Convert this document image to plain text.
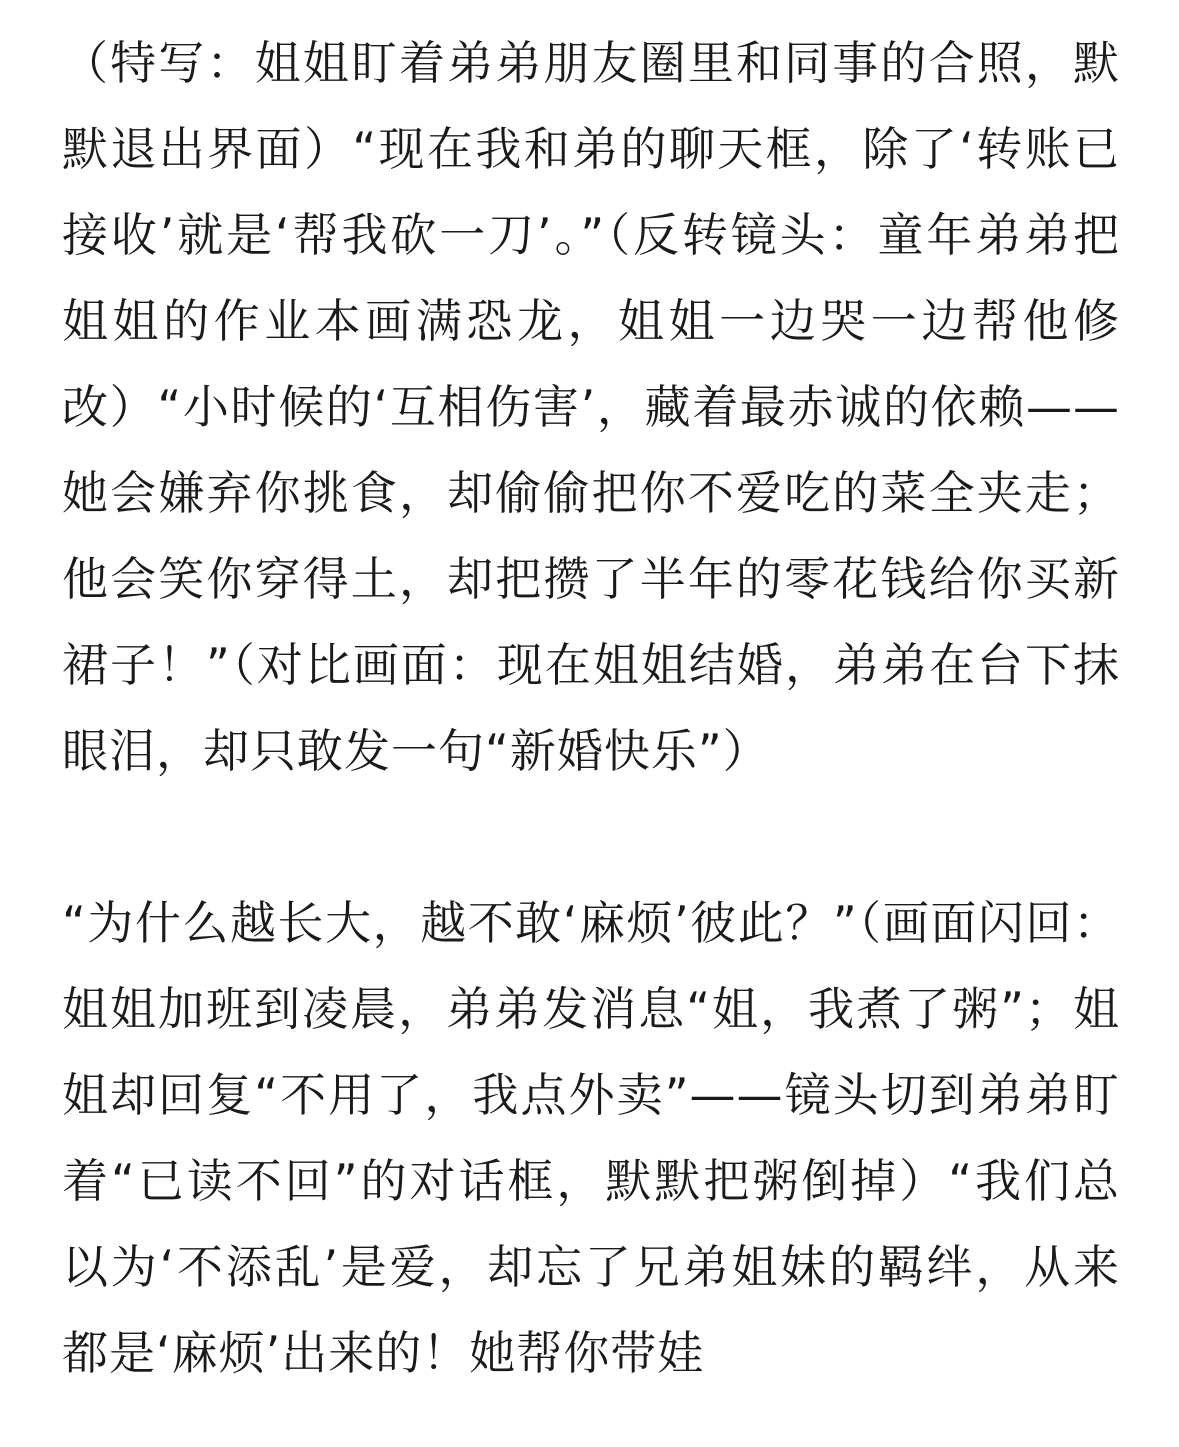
（特写：姐姐盯着弟弟朋友圈里和同事的合照，默默退出界面）“现在我和弟的聊天框，除了‘转账已接收’就是‘帮我砍一刀’。”（反转镜头：童年弟弟把姐姐的作业本画满恐龙，姐姐一边哭一边帮他修改）“小时候的‘互相伤害’，藏着最赤诚的依赖——她会嫌弃你挑食，却偷偷把你不爱吃的菜全夹走；他会笑你穿得土，却把攒了半年的零花钱给你买新裙子！”（对比画面：现在姐姐结婚，弟弟在台下抹眼泪，却只敢发一句“新婚快乐”）

“为什么越长大，越不敢‘麻烦’彼此？”（画面闪回：姐姐加班到凌晨，弟弟发消息“姐，我煮了粥”；姐姐却回复“不用了，我点外卖”——镜头切到弟弟盯着“已读不回”的对话框，默默把粥倒掉）“我们总以为‘不添乱’是爱，却忘了兄弟姐妹的羁绊，从来都是‘麻烦’出来的！她帮你带娃
